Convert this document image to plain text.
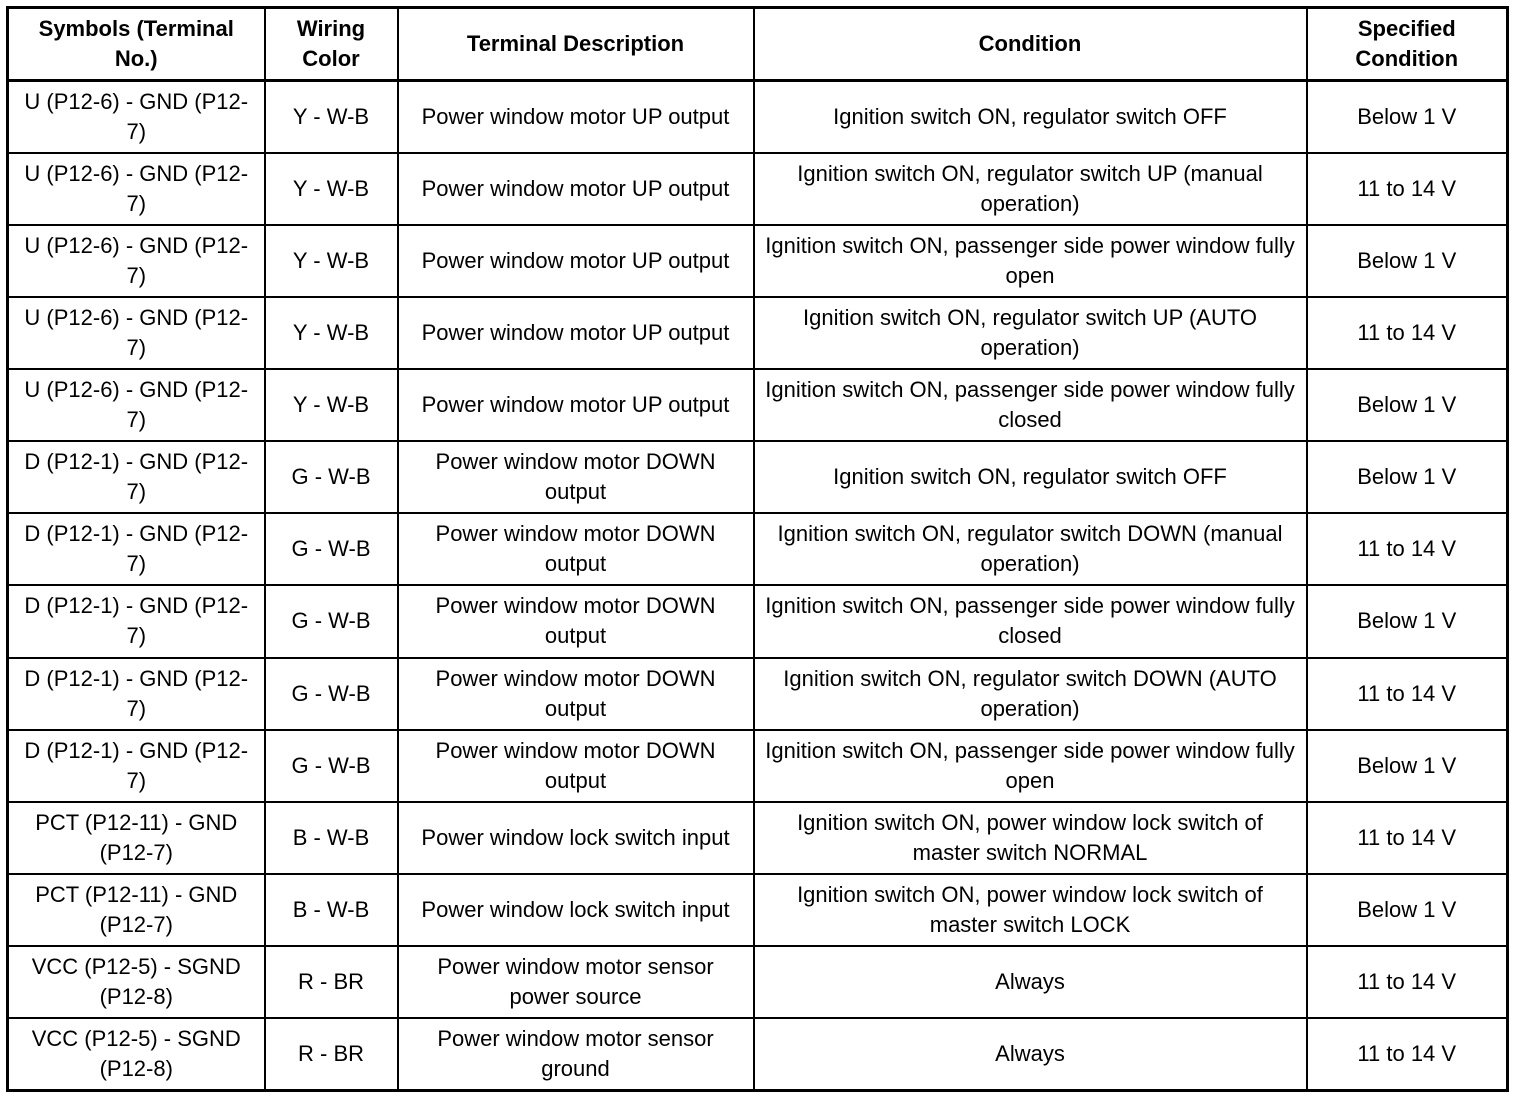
Symbols (Terminal No.)	Wiring Color	Terminal Description	Condition	Specified Condition
U (P12-6) - GND (P12-7)	Y - W-B	Power window motor UP output	Ignition switch ON, regulator switch OFF	Below 1 V
U (P12-6) - GND (P12-7)	Y - W-B	Power window motor UP output	Ignition switch ON, regulator switch UP (manual operation)	11 to 14 V
U (P12-6) - GND (P12-7)	Y - W-B	Power window motor UP output	Ignition switch ON, passenger side power window fully open	Below 1 V
U (P12-6) - GND (P12-7)	Y - W-B	Power window motor UP output	Ignition switch ON, regulator switch UP (AUTO operation)	11 to 14 V
U (P12-6) - GND (P12-7)	Y - W-B	Power window motor UP output	Ignition switch ON, passenger side power window fully closed	Below 1 V
D (P12-1) - GND (P12-7)	G - W-B	Power window motor DOWN output	Ignition switch ON, regulator switch OFF	Below 1 V
D (P12-1) - GND (P12-7)	G - W-B	Power window motor DOWN output	Ignition switch ON, regulator switch DOWN (manual operation)	11 to 14 V
D (P12-1) - GND (P12-7)	G - W-B	Power window motor DOWN output	Ignition switch ON, passenger side power window fully closed	Below 1 V
D (P12-1) - GND (P12-7)	G - W-B	Power window motor DOWN output	Ignition switch ON, regulator switch DOWN (AUTO operation)	11 to 14 V
D (P12-1) - GND (P12-7)	G - W-B	Power window motor DOWN output	Ignition switch ON, passenger side power window fully open	Below 1 V
PCT (P12-11) - GND (P12-7)	B - W-B	Power window lock switch input	Ignition switch ON, power window lock switch of master switch NORMAL	11 to 14 V
PCT (P12-11) - GND (P12-7)	B - W-B	Power window lock switch input	Ignition switch ON, power window lock switch of master switch LOCK	Below 1 V
VCC (P12-5) - SGND (P12-8)	R - BR	Power window motor sensor power source	Always	11 to 14 V
VCC (P12-5) - SGND (P12-8)	R - BR	Power window motor sensor ground	Always	11 to 14 V
